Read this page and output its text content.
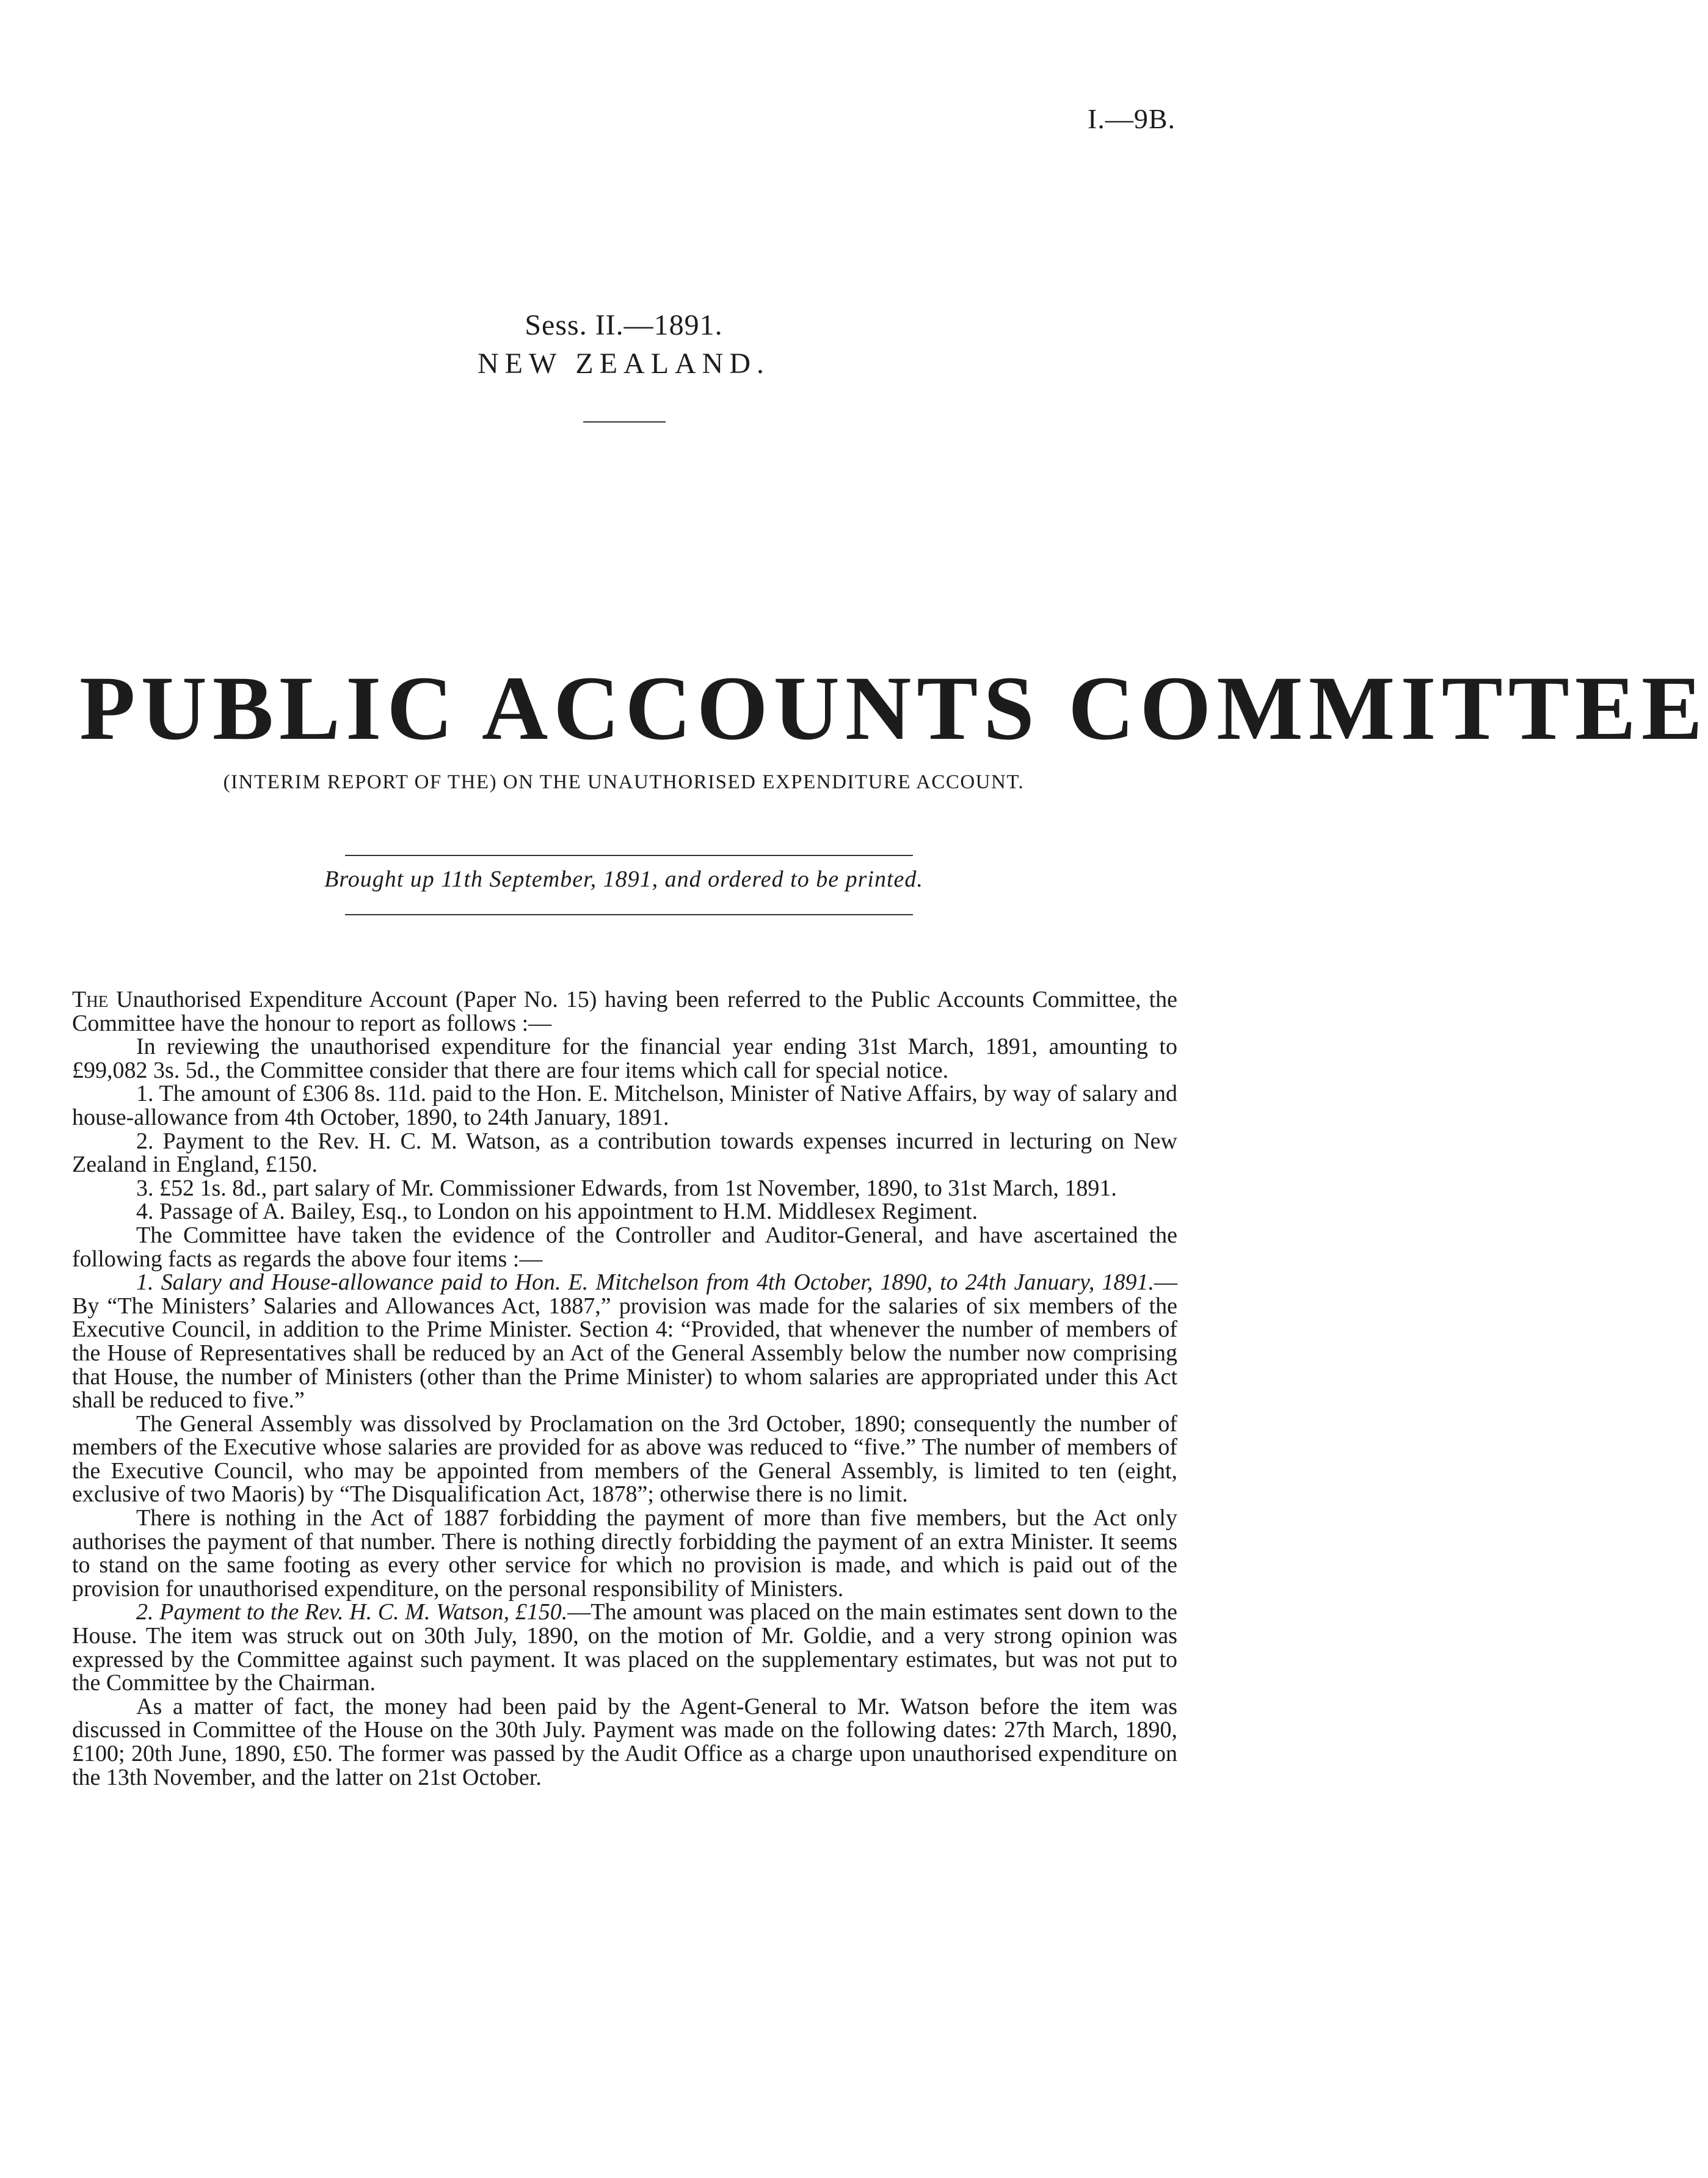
I.—9B.
Sess. II.—1891.
NEW ZEALAND.
PUBLIC ACCOUNTS COMMITTEE
(INTERIM REPORT OF THE) ON THE UNAUTHORISED EXPENDITURE ACCOUNT.
Brought up 11th September, 1891, and ordered to be printed.

The Unauthorised Expenditure Account (Paper No. 15) having been referred to the Public Accounts Committee, the Committee have the honour to report as follows :—

In reviewing the unauthorised expenditure for the financial year ending 31st March, 1891, amounting to £99,082 3s. 5d., the Committee consider that there are four items which call for special notice.

1. The amount of £306 8s. 11d. paid to the Hon. E. Mitchelson, Minister of Native Affairs, by way of salary and house-allowance from 4th October, 1890, to 24th January, 1891.

2. Payment to the Rev. H. C. M. Watson, as a contribution towards expenses incurred in lecturing on New Zealand in England, £150.

3. £52 1s. 8d., part salary of Mr. Commissioner Edwards, from 1st November, 1890, to 31st March, 1891.

4. Passage of A. Bailey, Esq., to London on his appointment to H.M. Middlesex Regiment.

The Committee have taken the evidence of the Controller and Auditor-General, and have ascertained the following facts as regards the above four items :—

1. Salary and House-allowance paid to Hon. E. Mitchelson from 4th October, 1890, to 24th January, 1891.—By “The Ministers’ Salaries and Allowances Act, 1887,” provision was made for the salaries of six members of the Executive Council, in addition to the Prime Minister. Section 4: “Provided, that whenever the number of members of the House of Representatives shall be reduced by an Act of the General Assembly below the number now comprising that House, the number of Ministers (other than the Prime Minister) to whom salaries are appropriated under this Act shall be reduced to five.”

The General Assembly was dissolved by Proclamation on the 3rd October, 1890; consequently the number of members of the Executive whose salaries are provided for as above was reduced to “five.” The number of members of the Executive Council, who may be appointed from members of the General Assembly, is limited to ten (eight, exclusive of two Maoris) by “The Disqualification Act, 1878”; otherwise there is no limit.

There is nothing in the Act of 1887 forbidding the payment of more than five members, but the Act only authorises the payment of that number. There is nothing directly forbidding the payment of an extra Minister. It seems to stand on the same footing as every other service for which no provision is made, and which is paid out of the provision for unauthorised expenditure, on the personal responsibility of Ministers.

2. Payment to the Rev. H. C. M. Watson, £150.—The amount was placed on the main estimates sent down to the House. The item was struck out on 30th July, 1890, on the motion of Mr. Goldie, and a very strong opinion was expressed by the Committee against such payment. It was placed on the supplementary estimates, but was not put to the Committee by the Chairman.

As a matter of fact, the money had been paid by the Agent-General to Mr. Watson before the item was discussed in Committee of the House on the 30th July. Payment was made on the following dates: 27th March, 1890, £100; 20th June, 1890, £50. The former was passed by the Audit Office as a charge upon unauthorised expenditure on the 13th November, and the latter on 21st October.
